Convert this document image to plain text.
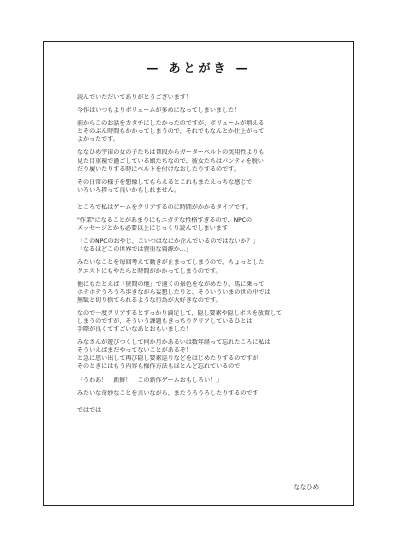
— あとがき —
読んでいただいてありがとうございます！
今作はいつもよりボリュームが多めになってしまいました！
前からこのお話をカタチにしたかったのですが、ボリュームが増える
とそのぶん時間もかかってしまうので、それでもなんとか仕上がって
よかったです。
ななひめ宇宙の女の子たちは普段からガーターベルトの実用性よりも
見た目重視で過ごしている娘たちなので、彼女たちはパンティを脱い
だり履いたりする時にベルトを付けなおしたりするのです。
その日常の様子を想像してもらえるとこれもまたえっちな感じで
いろいろ捗って良いかもしれません。
ところで私はゲームをクリアするのに時間がかかるタイプです。
"作業"になることがあまりにもニガテな性格すぎるので、NPCの
メッセージとかも必要以上にじっくり読んでしまいます
「このNPCのおやじ、こいつはなにか企んでいるのではないか？」
「なるほどこの世界では貴重な資源か…」
みたいなことを毎回考えて動きが止まってしまうので、ちょっとした
クエストにもやたらと時間がかかってしまうのです。
他にもたとえば「狭間の地」で遠くの景色をながめたり、馬に乗って
ホテホテうろうろ歩きながら妄想したりと、そういういまの世の中では
無駄と切り捨てられるような行為が大好きなのです。
なので一度クリアするとすっかり満足して、隠し要素や隠しボスを放置して
しまうのですが、そういう課題もきっちりクリアしているひとは
手際が良くてすごいなあとおもいました！
みなさんが遊びつくして何か月かあるいは数年経って忘れたころに私は
そういえばまだやってないことがあるぞ！
と急に思い出して再び隠し要素巡りなどをはじめたりするのですが
そのときにはもう内容も操作方法もほとんど忘れているので
「うわあ！　新鮮！　この新作ゲームおもしろい！」
みたいな奇妙なことを言いながら、またうろうろしたりするのです
ではでは
ななひめ
